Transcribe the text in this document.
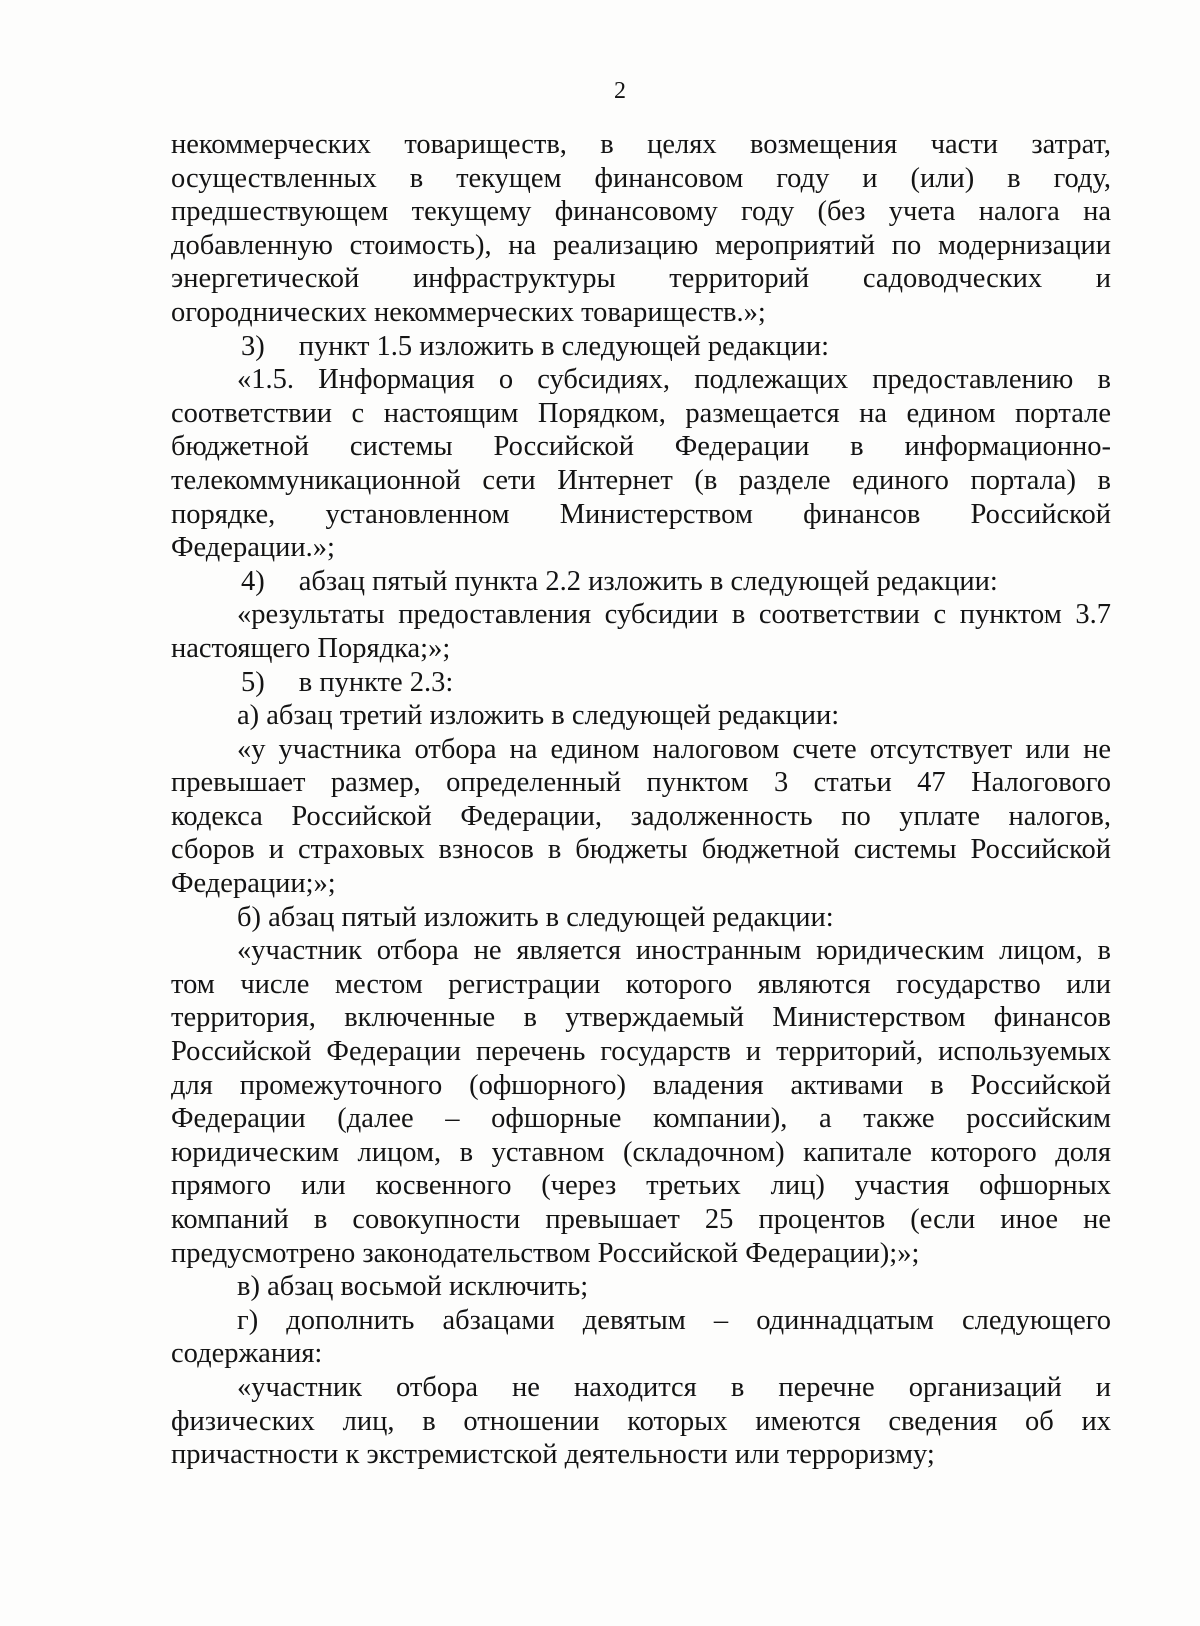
2
некоммерческих товариществ, в целях возмещения части затрат,
осуществленных в текущем финансовом году и (или) в году,
предшествующем текущему финансовому году (без учета налога на
добавленную стоимость), на реализацию мероприятий по модернизации
энергетической инфраструктуры территорий садоводческих и
огороднических некоммерческих товариществ.»;
3) пункт 1.5 изложить в следующей редакции:
«1.5. Информация о субсидиях, подлежащих предоставлению в
соответствии с настоящим Порядком, размещается на едином портале
бюджетной системы Российской Федерации в информационно-
телекоммуникационной сети Интернет (в разделе единого портала) в
порядке, установленном Министерством финансов Российской
Федерации.»;
4) абзац пятый пункта 2.2 изложить в следующей редакции:
«результаты предоставления субсидии в соответствии с пунктом 3.7
настоящего Порядка;»;
5) в пункте 2.3:
а) абзац третий изложить в следующей редакции:
«у участника отбора на едином налоговом счете отсутствует или не
превышает размер, определенный пунктом 3 статьи 47 Налогового
кодекса Российской Федерации, задолженность по уплате налогов,
сборов и страховых взносов в бюджеты бюджетной системы Российской
Федерации;»;
б) абзац пятый изложить в следующей редакции:
«участник отбора не является иностранным юридическим лицом, в
том числе местом регистрации которого являются государство или
территория, включенные в утверждаемый Министерством финансов
Российской Федерации перечень государств и территорий, используемых
для промежуточного (офшорного) владения активами в Российской
Федерации (далее – офшорные компании), а также российским
юридическим лицом, в уставном (складочном) капитале которого доля
прямого или косвенного (через третьих лиц) участия офшорных
компаний в совокупности превышает 25 процентов (если иное не
предусмотрено законодательством Российской Федерации);»;
в) абзац восьмой исключить;
г) дополнить абзацами девятым – одиннадцатым следующего
содержания:
«участник отбора не находится в перечне организаций и
физических лиц, в отношении которых имеются сведения об их
причастности к экстремистской деятельности или терроризму;
